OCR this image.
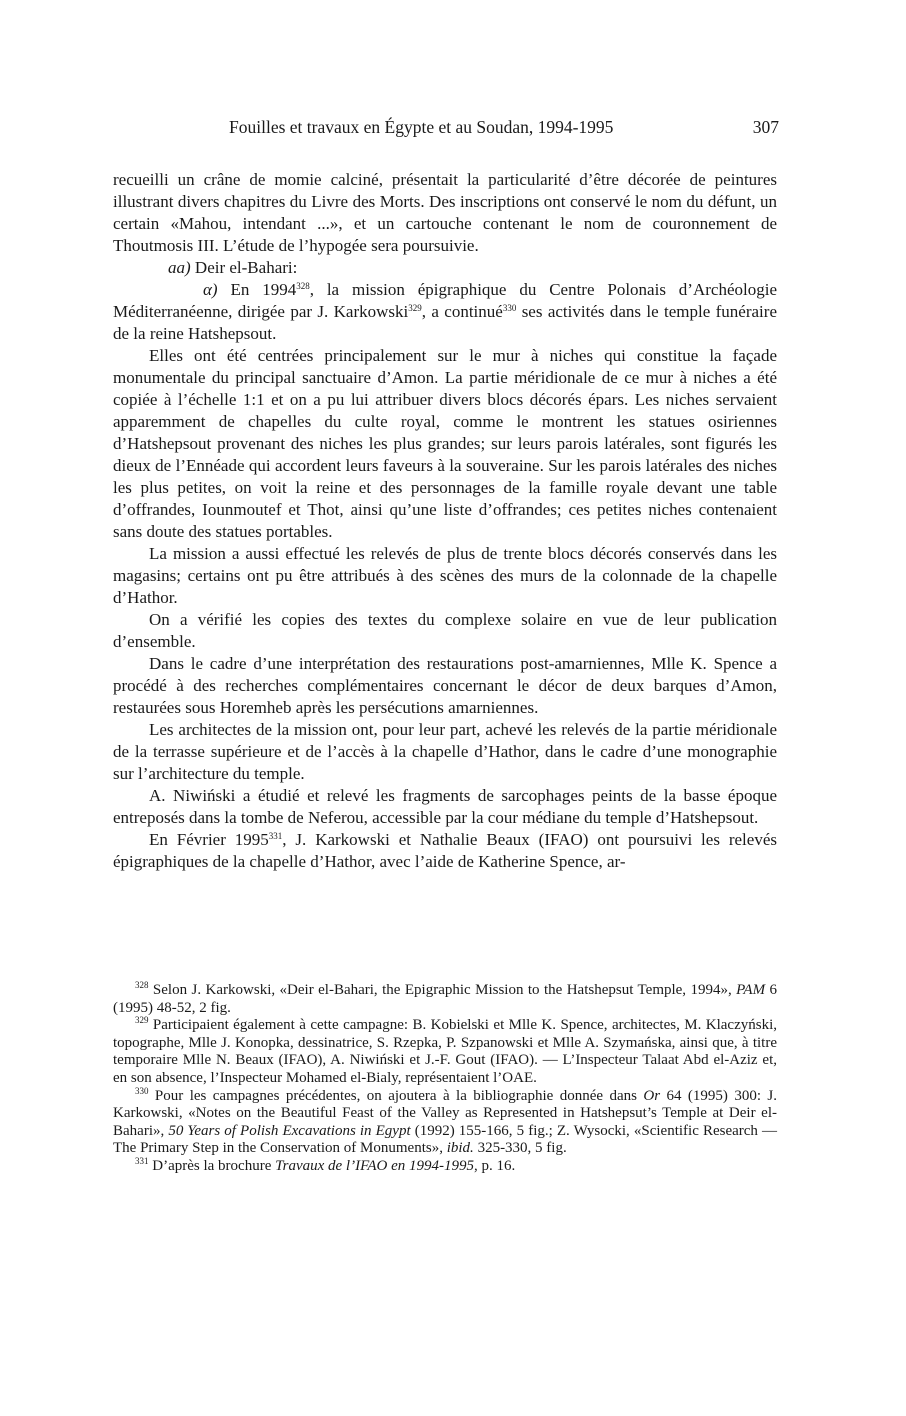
Fouilles et travaux en Égypte et au Soudan, 1994-1995	307

recueilli un crâne de momie calciné, présentait la particularité d’être décorée de peintures illustrant divers chapitres du Livre des Morts. Des inscriptions ont conservé le nom du défunt, un certain «Mahou, intendant ...», et un cartouche contenant le nom de couronnement de Thoutmosis III. L’étude de l’hypogée sera poursuivie.

aa) Deir el-Bahari:

α) En 1994$^{328}$, la mission épigraphique du Centre Polonais d’Archéologie Méditerranéenne, dirigée par J. Karkowski$^{329}$, a continué$^{330}$ ses activités dans le temple funéraire de la reine Hatshepsout.

Elles ont été centrées principalement sur le mur à niches qui constitue la façade monumentale du principal sanctuaire d’Amon. La partie méridionale de ce mur à niches a été copiée à l’échelle 1:1 et on a pu lui attribuer divers blocs décorés épars. Les niches servaient apparemment de chapelles du culte royal, comme le montrent les statues osiriennes d’Hatshepsout provenant des niches les plus grandes; sur leurs parois latérales, sont figurés les dieux de l’Ennéade qui accordent leurs faveurs à la souveraine. Sur les parois latérales des niches les plus petites, on voit la reine et des personnages de la famille royale devant une table d’offrandes, Iounmoutef et Thot, ainsi qu’une liste d’offrandes; ces petites niches contenaient sans doute des statues portables.

La mission a aussi effectué les relevés de plus de trente blocs décorés conservés dans les magasins; certains ont pu être attribués à des scènes des murs de la colonnade de la chapelle d’Hathor.

On a vérifié les copies des textes du complexe solaire en vue de leur publication d’ensemble.

Dans le cadre d’une interprétation des restaurations post-amarniennes, Mlle K. Spence a procédé à des recherches complémentaires concernant le décor de deux barques d’Amon, restaurées sous Horemheb après les persécutions amarniennes.

Les architectes de la mission ont, pour leur part, achevé les relevés de la partie méridionale de la terrasse supérieure et de l’accès à la chapelle d’Hathor, dans le cadre d’une monographie sur l’architecture du temple.

A. Niwiński a étudié et relevé les fragments de sarcophages peints de la basse époque entreposés dans la tombe de Neferou, accessible par la cour médiane du temple d’Hatshepsout.

En Février 1995$^{331}$, J. Karkowski et Nathalie Beaux (IFAO) ont poursuivi les relevés épigraphiques de la chapelle d’Hathor, avec l’aide de Katherine Spence, ar-

$^{328}$ Selon J. Karkowski, «Deir el-Bahari, the Epigraphic Mission to the Hatshepsut Temple, 1994», PAM 6 (1995) 48-52, 2 fig.

$^{329}$ Participaient également à cette campagne: B. Kobielski et Mlle K. Spence, architectes, M. Klaczyński, topographe, Mlle J. Konopka, dessinatrice, S. Rzepka, P. Szpanowski et Mlle A. Szymańska, ainsi que, à titre temporaire Mlle N. Beaux (IFAO), A. Niwiński et J.-F. Gout (IFAO). — L’Inspecteur Talaat Abd el-Aziz et, en son absence, l’Inspecteur Mohamed el-Bialy, représentaient l’OAE.

$^{330}$ Pour les campagnes précédentes, on ajoutera à la bibliographie donnée dans Or 64 (1995) 300: J. Karkowski, «Notes on the Beautiful Feast of the Valley as Represented in Hatshepsut’s Temple at Deir el-Bahari», 50 Years of Polish Excavations in Egypt (1992) 155-166, 5 fig.; Z. Wysocki, «Scientific Research — The Primary Step in the Conservation of Monuments», ibid. 325-330, 5 fig.

$^{331}$ D’après la brochure Travaux de l’IFAO en 1994-1995, p. 16.
